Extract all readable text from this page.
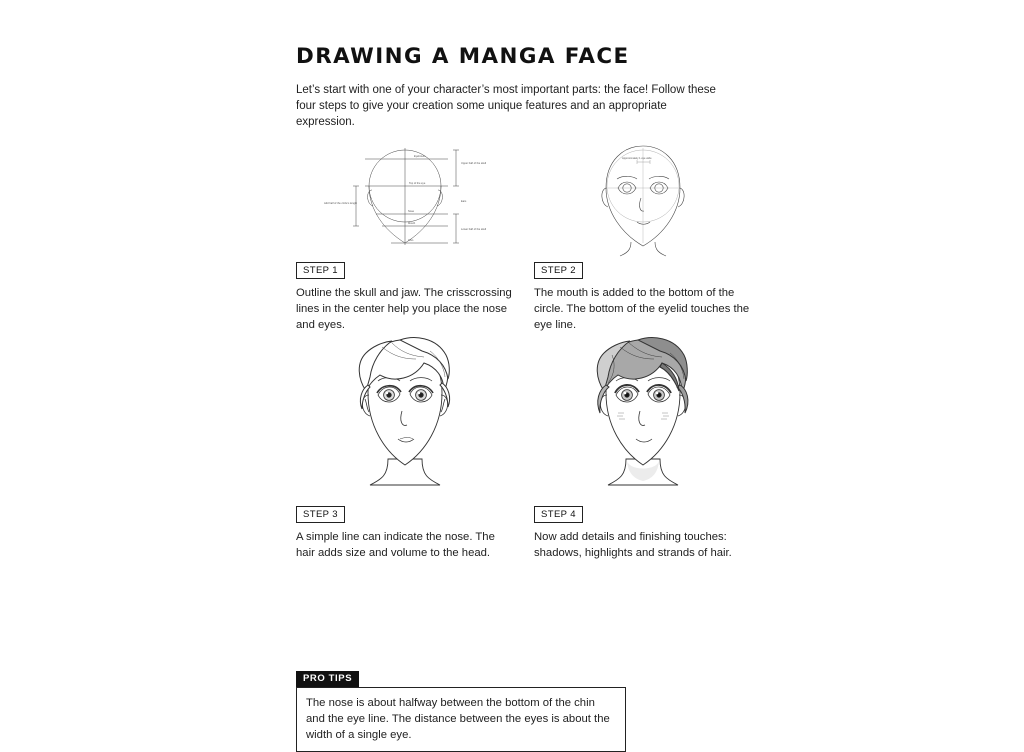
DRAWING A MANGA FACE
Let’s start with one of your character’s most important parts: the face! Follow these four steps to give your creation some unique features and an appropriate expression.
Eyebrows
Top of the eye
Nose
Mouth
Chin
Upper half of the skull
Ears
Lower half of the skull
Add half of the circle's length
STEP 1
Outline the skull and jaw. The crisscrossing lines in the center help you place the nose and eyes.
Approximately 1 eye wide
STEP 2
The mouth is added to the bottom of the circle. The bottom of the eyelid touches the eye line.
STEP 3
A simple line can indicate the nose. The hair adds size and volume to the head.
STEP 4
Now add details and finishing touches: shadows, highlights and strands of hair.
PRO TIPS
The nose is about halfway between the bottom of the chin and the eye line. The distance between the eyes is about the width of a single eye.
